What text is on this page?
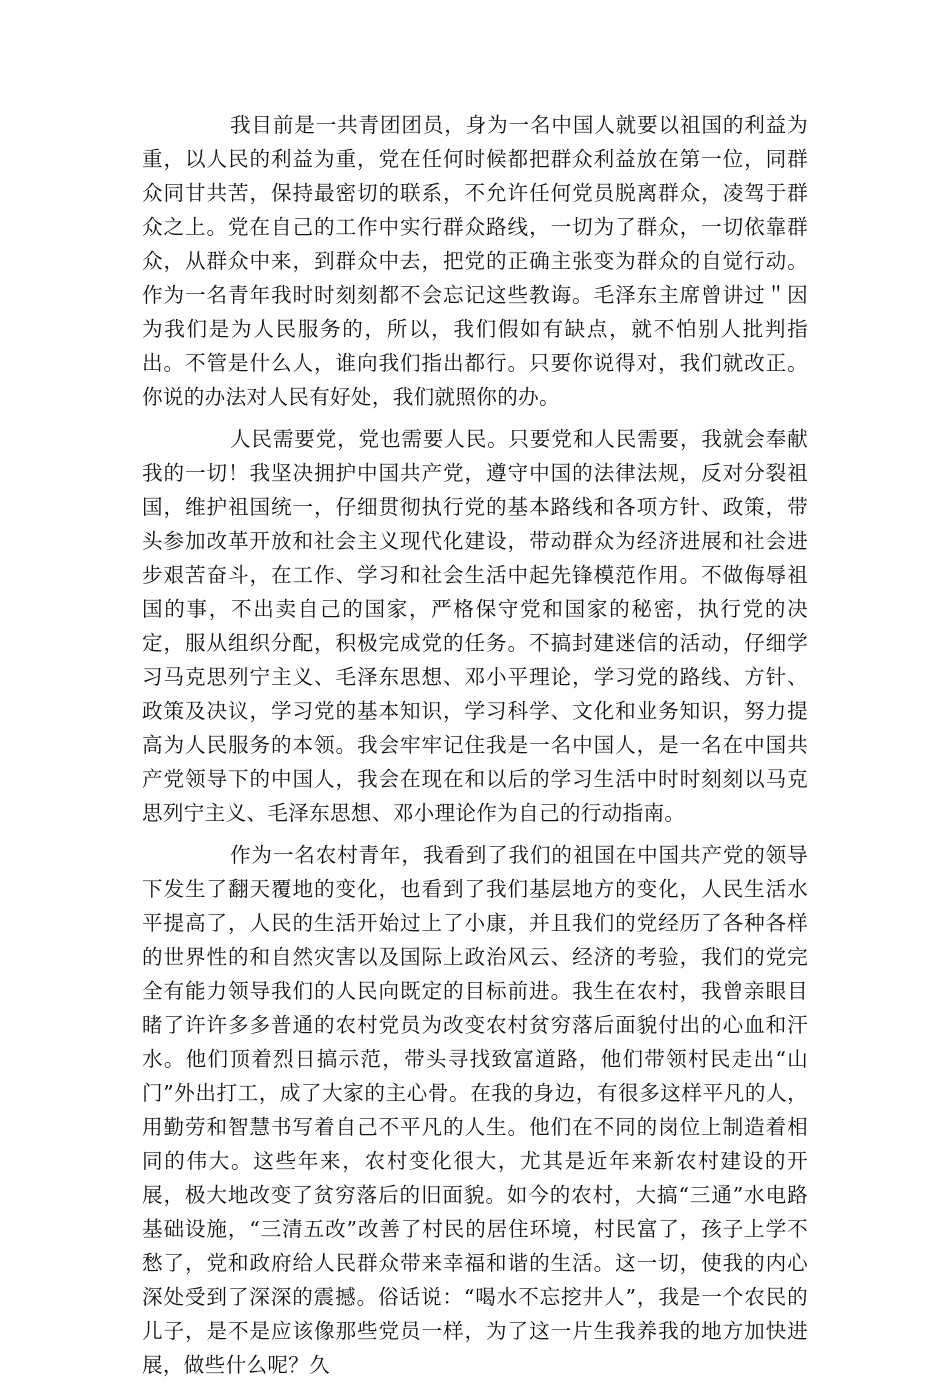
我目前是一共青团团员，身为一名中国人就要以祖国的利益为重，以人民的利益为重，党在任何时候都把群众利益放在第一位，同群众同甘共苦，保持最密切的联系，不允许任何党员脱离群众，凌驾于群众之上。党在自己的工作中实行群众路线，一切为了群众，一切依靠群众，从群众中来，到群众中去，把党的正确主张变为群众的自觉行动。作为一名青年我时时刻刻都不会忘记这些教诲。毛泽东主席曾讲过＂因为我们是为人民服务的，所以，我们假如有缺点，就不怕别人批判指出。不管是什么人，谁向我们指出都行。只要你说得对，我们就改正。你说的办法对人民有好处，我们就照你的办。

人民需要党，党也需要人民。只要党和人民需要，我就会奉献我的一切！我坚决拥护中国共产党，遵守中国的法律法规，反对分裂祖国，维护祖国统一，仔细贯彻执行党的基本路线和各项方针、政策，带头参加改革开放和社会主义现代化建设，带动群众为经济进展和社会进步艰苦奋斗，在工作、学习和社会生活中起先锋模范作用。不做侮辱祖国的事，不出卖自己的国家，严格保守党和国家的秘密，执行党的决定，服从组织分配，积极完成党的任务。不搞封建迷信的活动，仔细学习马克思列宁主义、毛泽东思想、邓小平理论，学习党的路线、方针、政策及决议，学习党的基本知识，学习科学、文化和业务知识，努力提高为人民服务的本领。我会牢牢记住我是一名中国人，是一名在中国共产党领导下的中国人，我会在现在和以后的学习生活中时时刻刻以马克思列宁主义、毛泽东思想、邓小理论作为自己的行动指南。

作为一名农村青年，我看到了我们的祖国在中国共产党的领导下发生了翻天覆地的变化，也看到了我们基层地方的变化，人民生活水平提高了，人民的生活开始过上了小康，并且我们的党经历了各种各样的世界性的和自然灾害以及国际上政治风云、经济的考验，我们的党完全有能力领导我们的人民向既定的目标前进。我生在农村，我曾亲眼目睹了许许多多普通的农村党员为改变农村贫穷落后面貌付出的心血和汗水。他们顶着烈日搞示范，带头寻找致富道路，他们带领村民走出“山门”外出打工，成了大家的主心骨。在我的身边，有很多这样平凡的人，用勤劳和智慧书写着自己不平凡的人生。他们在不同的岗位上制造着相同的伟大。这些年来，农村变化很大，尤其是近年来新农村建设的开展，极大地改变了贫穷落后的旧面貌。如今的农村，大搞“三通”水电路基础设施，“三清五改”改善了村民的居住环境，村民富了，孩子上学不愁了，党和政府给人民群众带来幸福和谐的生活。这一切，使我的内心深处受到了深深的震撼。俗话说：“喝水不忘挖井人”，我是一个农民的儿子，是不是应该像那些党员一样，为了这一片生我养我的地方加快进展，做些什么呢？久
